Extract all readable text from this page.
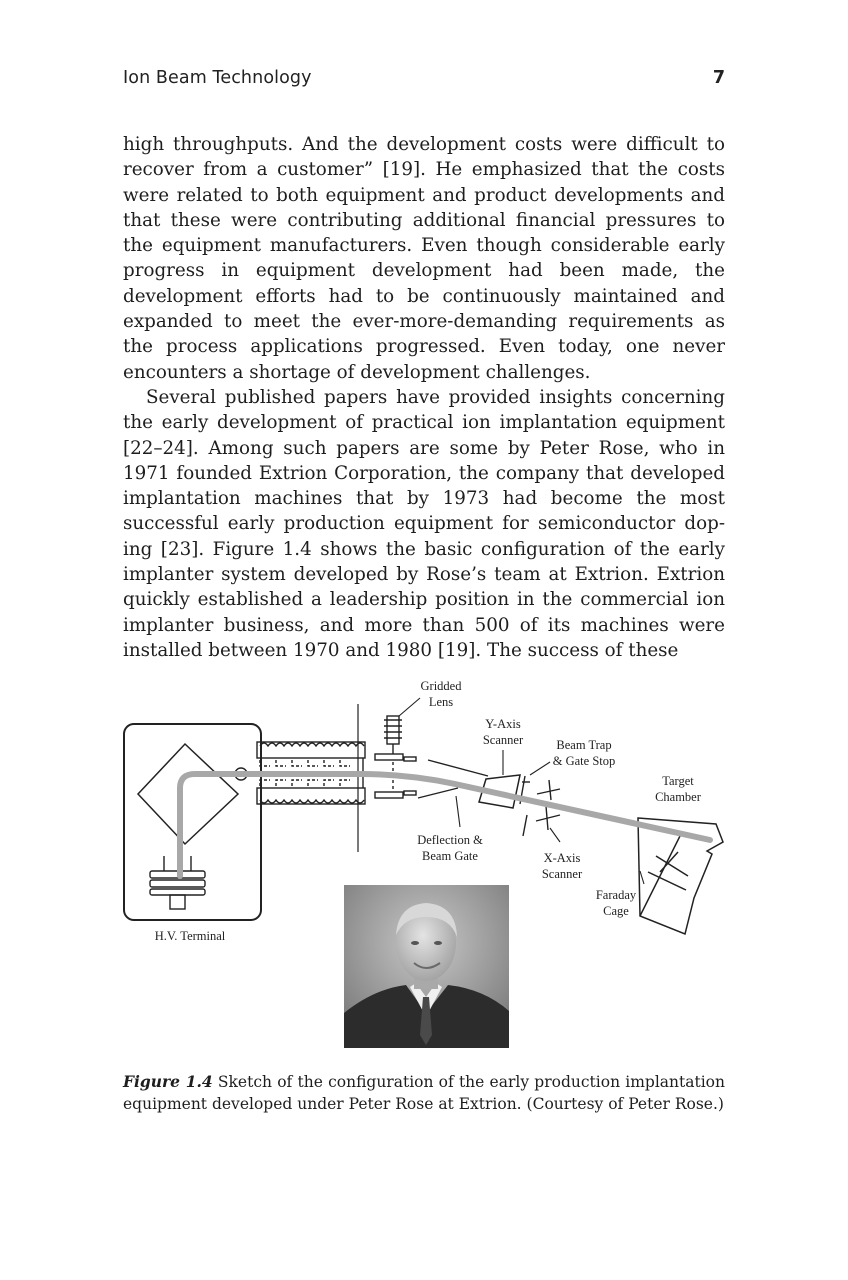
Ion Beam Technology	7

high throughputs. And the development costs were difficult to recover from a customer” [19]. He emphasized that the costs were related to both equipment and product developments and that these were contributing additional financial pressures to the equipment manufacturers. Even though considerable early progress in equipment development had been made, the development efforts had to be continuously maintained and expanded to meet the ever-more-demanding requirements as the process applications progressed. Even today, one never encounters a shortage of development challenges.

Several published papers have provided insights concerning the early development of practical ion implantation equipment [22–24]. Among such papers are some by Peter Rose, who in 1971 founded Extrion Corporation, the company that developed implantation machines that by 1973 had become the most successful early production equipment for semiconductor doping [23]. Figure 1.4 shows the basic configuration of the early implanter system developed by Rose’s team at Extrion. Extrion quickly established a leadership position in the commercial ion implanter business, and more than 500 of its machines were installed between 1970 and 1980 [19]. The success of these

Gridded
Lens
Y-Axis
Scanner	Beam Trap
& Gate Stop
Target
Chamber
Deflection &
Beam Gate	X-Axis
Scanner
Faraday
Cage
H.V. Terminal
Figure 1.4 Sketch of the configuration of the early production implantation equipment developed under Peter Rose at Extrion. (Courtesy of Peter Rose.)
